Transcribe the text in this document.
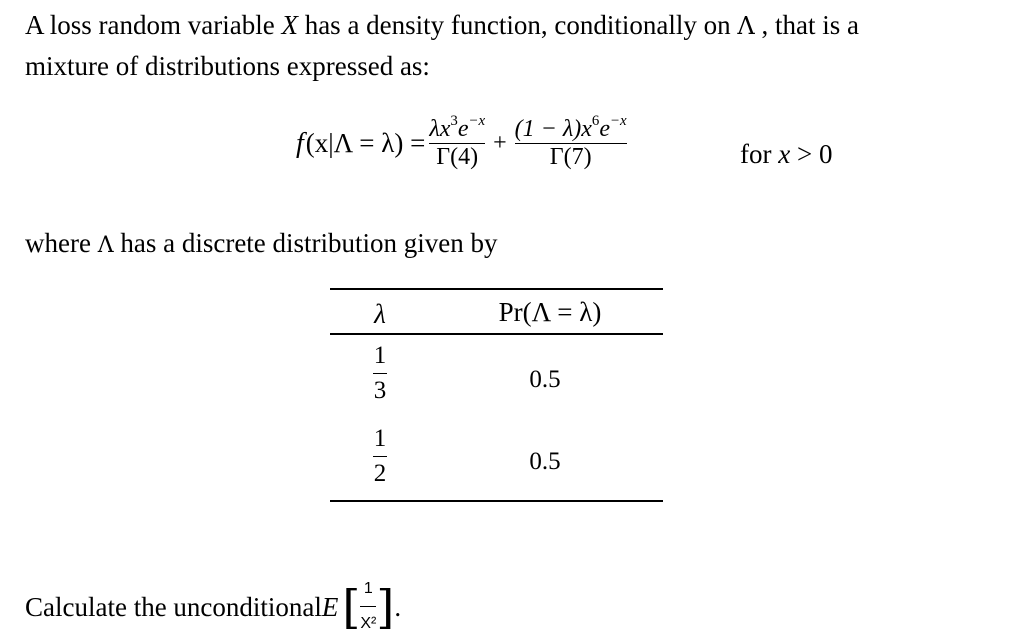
A loss random variable X has a density function, conditionally on Λ , that is a
mixture of distributions expressed as:
f $(x|\Lambda = \lambda) = \frac{\lambda x^3e^{-x}}{\Gamma(4)} + \frac{(1 - \lambda)x^6e^{-x}}{\Gamma(7)}$	for x > 0
where Λ has a discrete distribution given by
λ	Pr(Λ = λ)
1
3	0.5
1
2	0.5
Calculate the unconditional E [ $\frac{1}{\text{X²}}$ ] .
